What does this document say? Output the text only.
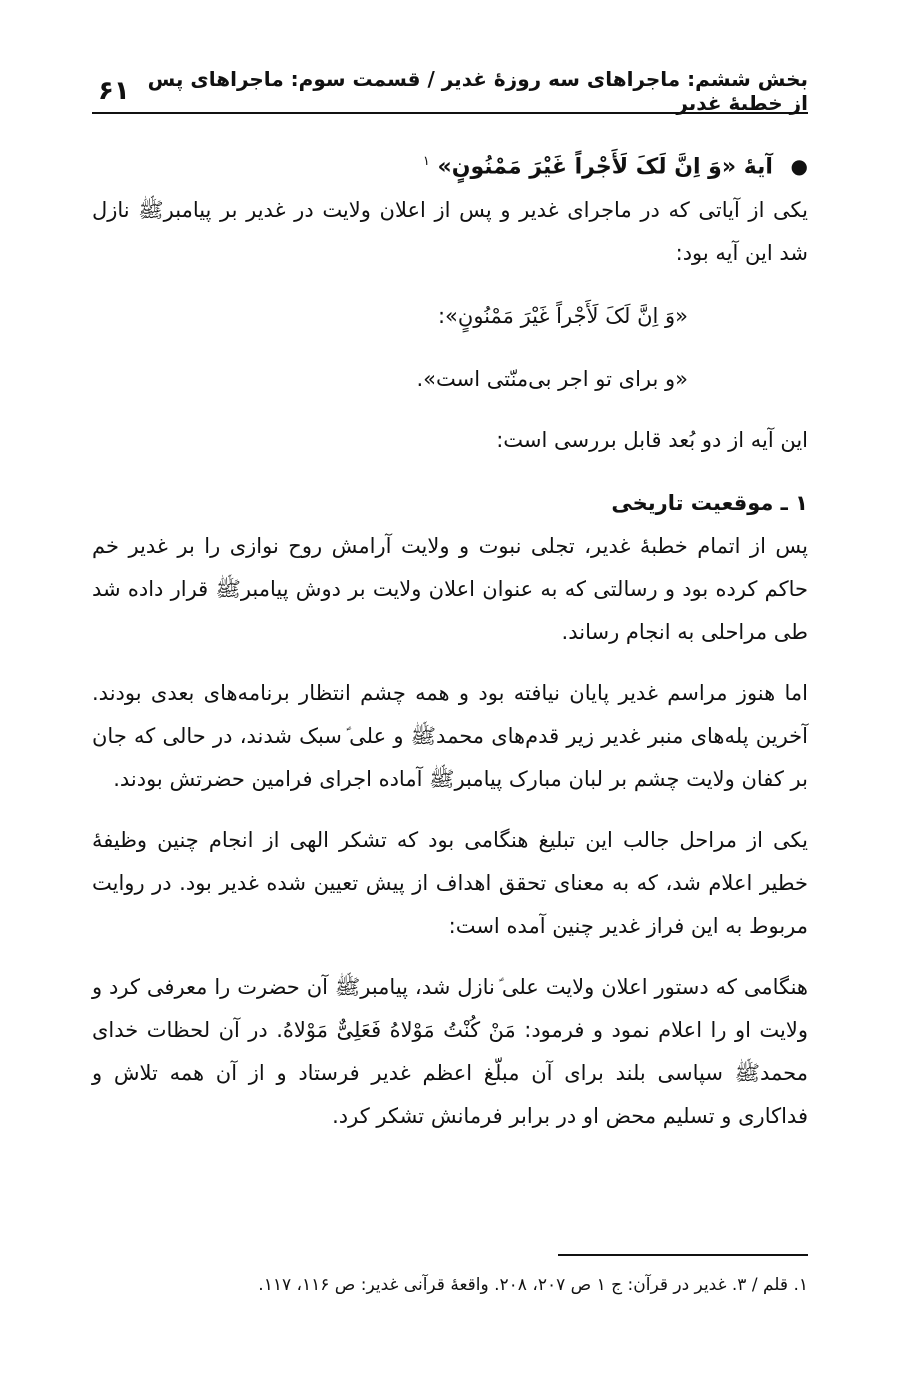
بخش ششم: ماجراهای سه روزهٔ غدیر / قسمت سوم: ماجراهای پس از خطبهٔ غدیر
۶۱

● آیهٔ «وَ اِنَّ لَکَ لَأَجْراً غَیْرَ مَمْنُونٍ» $^۱$

یکی از آیاتی که در ماجرای غدیر و پس از اعلان ولایت در غدیر بر پیامبرﷺ نازل شد این آیه بود:

«وَ اِنَّ لَکَ لَأَجْراً غَیْرَ مَمْنُونٍ»:

«و برای تو اجر بی‌منّتی است».

این آیه از دو بُعد قابل بررسی است:

۱ ـ موقعیت تاریخی

پس از اتمام خطبهٔ غدیر، تجلی نبوت و ولایت آرامش روح نوازی را بر غدیر خم حاکم کرده بود و رسالتی که به عنوان اعلان ولایت بر دوش پیامبرﷺ قرار داده شد طی مراحلی به انجام رساند.

اما هنوز مراسم غدیر پایان نیافته بود و همه چشم انتظار برنامه‌های بعدی بودند. آخرین پله‌های منبر غدیر زیر قدم‌های محمدﷺ و علی‌ؑ سبک شدند، در حالی که جان بر کفان ولایت چشم بر لبان مبارک پیامبرﷺ آماده اجرای فرامین حضرتش بودند.

یکی از مراحل جالب این تبلیغ هنگامی بود که تشکر الهی از انجام چنین وظیفهٔ خطیر اعلام شد، که به معنای تحقق اهداف از پیش تعیین شده غدیر بود. در روایت مربوط به این فراز غدیر چنین آمده است:

هنگامی که دستور اعلان ولایت علی‌ؑ نازل شد، پیامبرﷺ آن حضرت را معرفی کرد و ولایت او را اعلام نمود و فرمود: مَنْ کُنْتُ مَوْلاهُ فَعَلِیٌّ مَوْلاهُ. در آن لحظات خدای محمدﷺ سپاسی بلند برای آن مبلّغ اعظم غدیر فرستاد و از آن همه تلاش و فداکاری و تسلیم محض او در برابر فرمانش تشکر کرد.

۱. قلم / ۳. غدیر در قرآن: ج ۱ ص ۲۰۷، ۲۰۸. واقعهٔ قرآنی غدیر: ص ۱۱۶، ۱۱۷.
